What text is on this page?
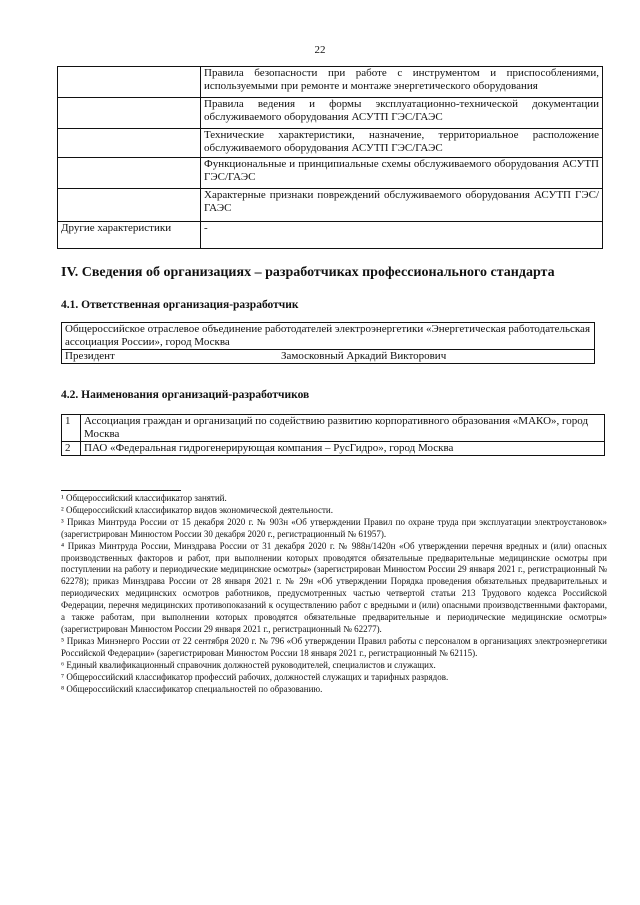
22
	Правила безопасности при работе с инструментом и приспособлениями, используемыми при ремонте и монтаже энергетического оборудования
	Правила ведения и формы эксплуатационно-технической документации обслуживаемого оборудования АСУТП ГЭС/ГАЭС
	Технические характеристики, назначение, территориальное расположение обслуживаемого оборудования АСУТП ГЭС/ГАЭС
	Функциональные и принципиальные схемы обслуживаемого оборудования АСУТП ГЭС/ГАЭС
	Характерные признаки повреждений обслуживаемого оборудования АСУТП ГЭС/ГАЭС
Другие характеристики	-
IV. Сведения об организациях – разработчиках профессионального стандарта
4.1. Ответственная организация-разработчик
Общероссийское отраслевое объединение работодателей электроэнергетики «Энергетическая работодательская ассоциация России», город Москва
Президент	Замосковный Аркадий Викторович
4.2. Наименования организаций-разработчиков
1	Ассоциация граждан и организаций по содействию развитию корпоративного образования «МАКО», город Москва
2	ПАО «Федеральная гидрогенерирующая компания – РусГидро», город Москва

¹ Общероссийский классификатор занятий.

² Общероссийский классификатор видов экономической деятельности.

³ Приказ Минтруда России от 15 декабря 2020 г. № 903н «Об утверждении Правил по охране труда при эксплуатации электроустановок» (зарегистрирован Минюстом России 30 декабря 2020 г., регистрационный № 61957).

⁴ Приказ Минтруда России, Минздрава России от 31 декабря 2020 г. № 988н/1420н «Об утверждении перечня вредных и (или) опасных производственных факторов и работ, при выполнении которых проводятся обязательные предварительные медицинские осмотры при поступлении на работу и периодические медицинские осмотры» (зарегистрирован Минюстом России 29 января 2021 г., регистрационный № 62278); приказ Минздрава России от 28 января 2021 г. № 29н «Об утверждении Порядка проведения обязательных предварительных и периодических медицинских осмотров работников, предусмотренных частью четвертой статьи 213 Трудового кодекса Российской Федерации, перечня медицинских противопоказаний к осуществлению работ с вредными и (или) опасными производственными факторами, а также работам, при выполнении которых проводятся обязательные предварительные и периодические медицинские осмотры» (зарегистрирован Минюстом России 29 января 2021 г., регистрационный № 62277).

⁵ Приказ Минэнерго России от 22 сентября 2020 г. № 796 «Об утверждении Правил работы с персоналом в организациях электроэнергетики Российской Федерации» (зарегистрирован Минюстом России 18 января 2021 г., регистрационный № 62115).

⁶ Единый квалификационный справочник должностей руководителей, специалистов и служащих.

⁷ Общероссийский классификатор профессий рабочих, должностей служащих и тарифных разрядов.

⁸ Общероссийский классификатор специальностей по образованию.
